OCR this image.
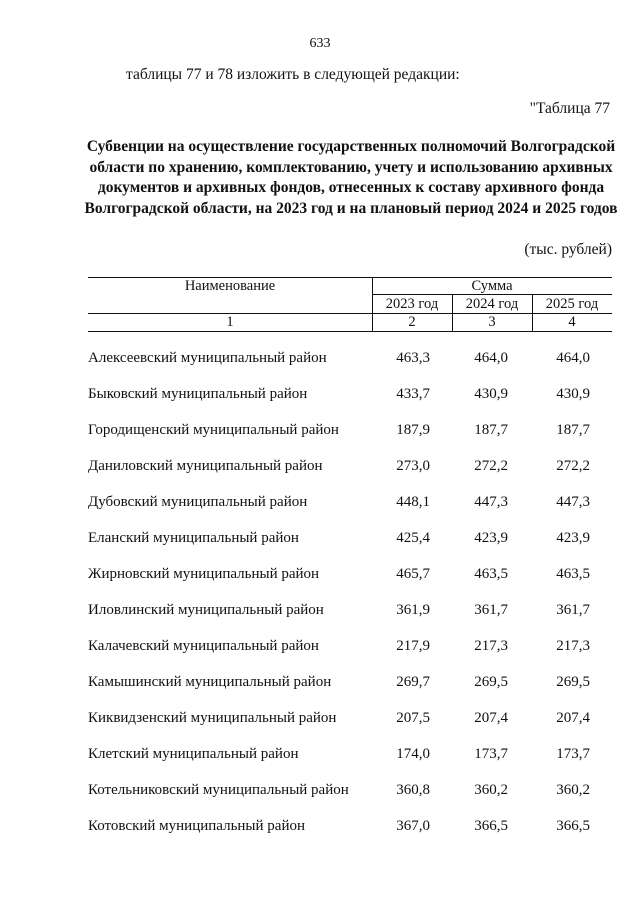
633
таблицы 77 и 78 изложить в следующей редакции:
"Таблица 77
Субвенции на осуществление государственных полномочий Волгоградской области по хранению, комплектованию, учету и использованию архивных документов и архивных фондов, отнесенных к составу архивного фонда Волгоградской области, на 2023 год и на плановый период 2024 и 2025 годов
(тыс. рублей)
Наименование	Сумма
2023 год	2024 год	2025 год
1	2	3	4
Алексеевский муниципальный район	463,3	464,0	464,0
Быковский муниципальный район	433,7	430,9	430,9
Городищенский муниципальный район	187,9	187,7	187,7
Даниловский муниципальный район	273,0	272,2	272,2
Дубовский муниципальный район	448,1	447,3	447,3
Еланский муниципальный район	425,4	423,9	423,9
Жирновский муниципальный район	465,7	463,5	463,5
Иловлинский муниципальный район	361,9	361,7	361,7
Калачевский муниципальный район	217,9	217,3	217,3
Камышинский муниципальный район	269,7	269,5	269,5
Киквидзенский муниципальный район	207,5	207,4	207,4
Клетский муниципальный район	174,0	173,7	173,7
Котельниковский муниципальный район	360,8	360,2	360,2
Котовский муниципальный район	367,0	366,5	366,5
